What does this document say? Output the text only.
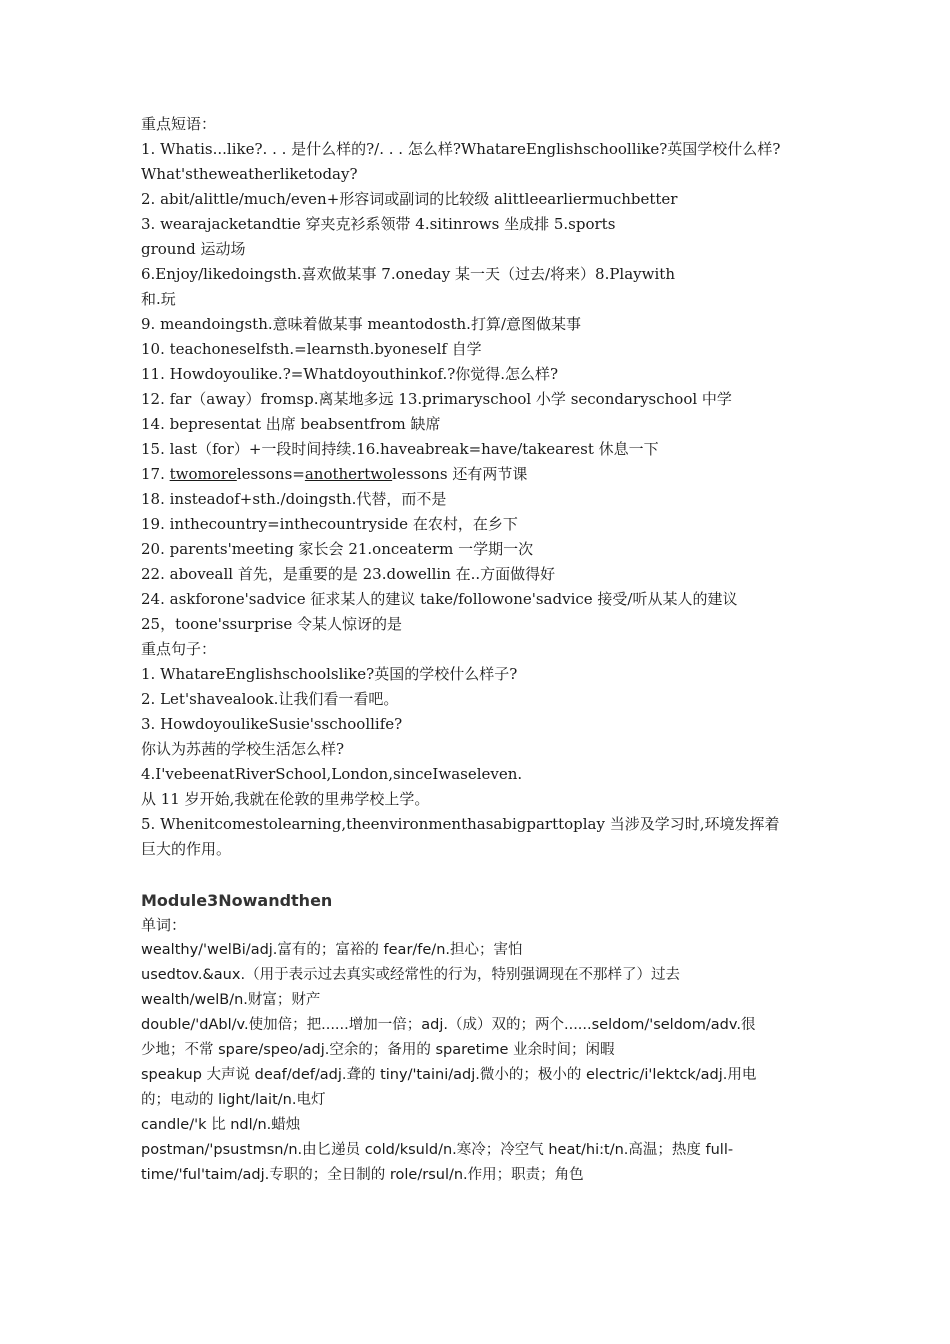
重点短语：
1. Whatis...like?. . . 是什么样的?/. . . 怎么样?WhatareEnglishschoollike?英国学校什么样?
What'stheweatherliketoday?
2. abit/alittle/much/even+形容词或副词的比较级 alittleearliermuchbetter
3. wearajacketandtie 穿夹克衫系领带 4.sitinrows 坐成排 5.sports
ground 运动场
6.Enjoy/likedoingsth.喜欢做某事 7.oneday 某一天（过去/将来）8.Playwith
和.玩
9. meandoingsth.意味着做某事 meantodosth.打算/意图做某事
10. teachoneselfsth.=learnsth.byoneself 自学
11. Howdoyoulike.?=Whatdoyouthinkof.?你觉得.怎么样?
12. far（away）fromsp.离某地多远 13.primaryschool 小学 secondaryschool 中学
14. bepresentat 出席 beabsentfrom 缺席
15. last（for）+一段时间持续.16.haveabreak=have/takearest 休息一下
17. twomorelessons=anothertwolessons 还有两节课
18. insteadof+sth./doingsth.代替，而不是
19. inthecountry=inthecountryside 在农村，在乡下
20. parents'meeting 家长会 21.onceaterm 一学期一次
22. aboveall 首先，是重要的是 23.dowellin 在..方面做得好
24. askforone'sadvice 征求某人的建议 take/followone'sadvice 接受/听从某人的建议
25，toone'ssurprise 令某人惊讶的是
重点句子：
1. WhatareEnglishschoolslike?英国的学校什么样子?
2. Let'shavealook.让我们看一看吧。
3. HowdoyoulikeSusie'sschoollife?
你认为苏茜的学校生活怎么样?
4.I'vebeenatRiverSchool,London,sinceIwaseleven.
从 11 岁开始,我就在伦敦的里弗学校上学。
5. Whenitcomestolearning,theenvironmenthasabigparttoplay 当涉及学习时,环境发挥着
巨大的作用。
Module3Nowandthen
单词：
wealthy/'welBi/adj.富有的；富裕的 fear/fe/n.担心；害怕
usedtov.&aux.（用于表示过去真实或经常性的行为，特别强调现在不那样了）过去
wealth/welB/n.财富；财产
double/'dAbl/v.使加倍；把......增加一倍；adj.（成）双的；两个......seldom/'seldom/adv.很
少地；不常 spare/speo/adj.空余的；备用的 sparetime 业余时间；闲暇
speakup 大声说 deaf/def/adj.聋的 tiny/'taini/adj.微小的；极小的 electric/i'lektck/adj.用电
的；电动的 light/lait/n.电灯
candle/'k 比 ndl/n.蜡烛
postman/'psustmsn/n.由匕递员 cold/ksuld/n.寒冷；冷空气 heat/hi:t/n.高温；热度 full-
time/'ful'taim/adj.专职的；全日制的 role/rsul/n.作用；职责；角色
